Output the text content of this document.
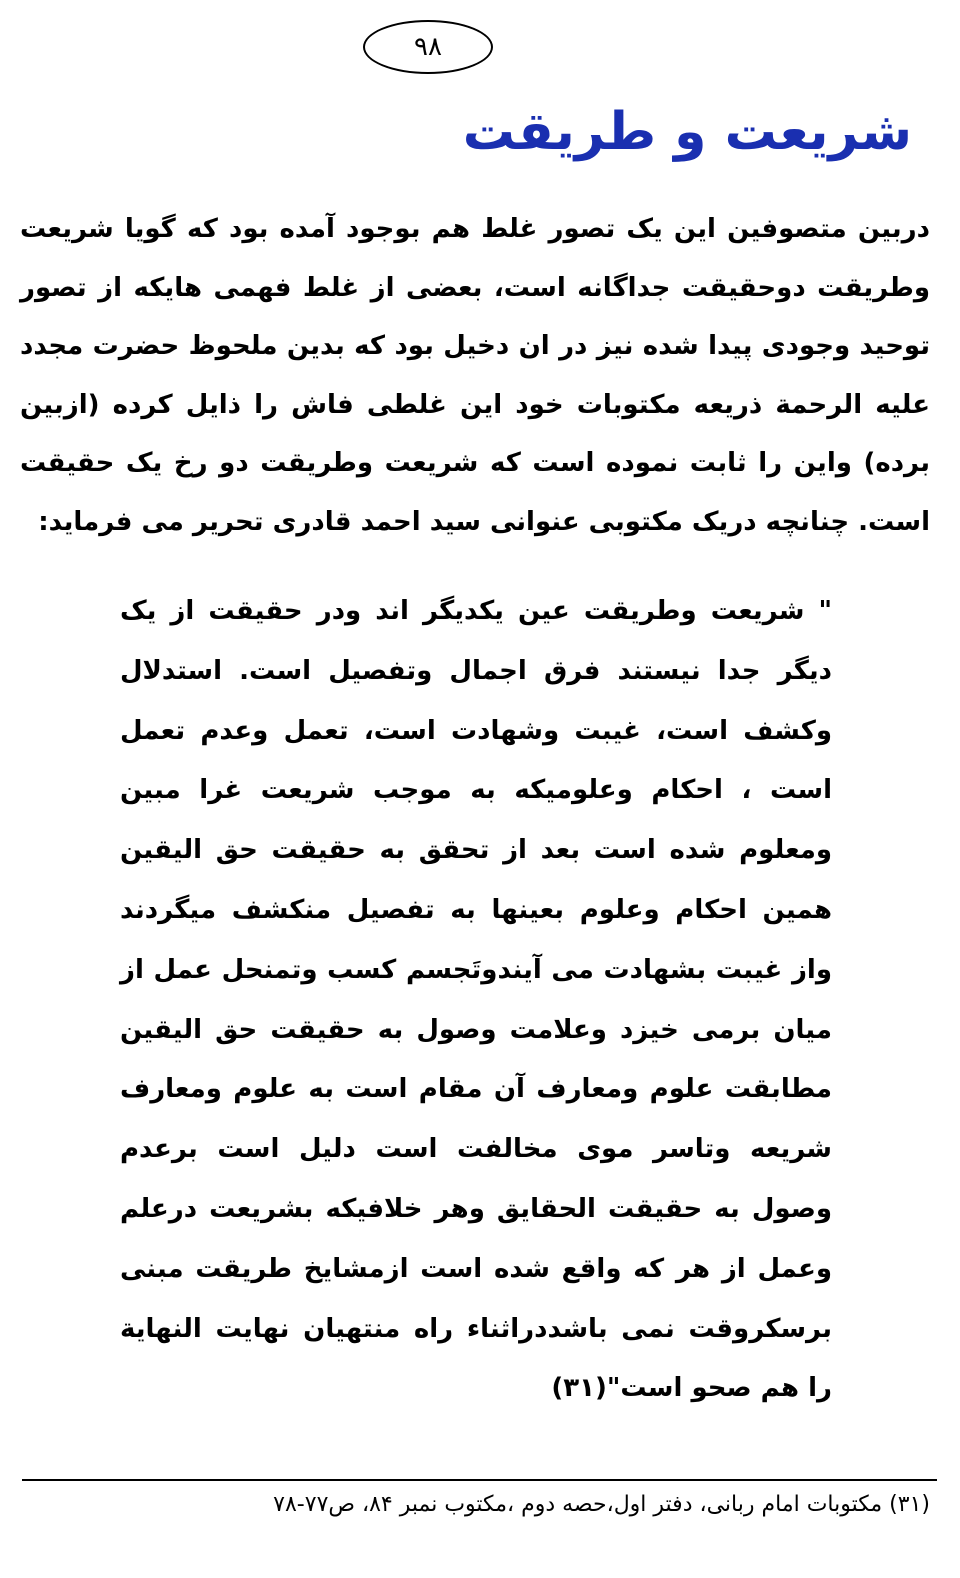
۹۸
شریعت و طریقت

دربین متصوفین این یک تصور غلط هم بوجود آمده بود که گویا شریعت وطریقت دوحقیقت جداگانه است، بعضی از غلط فهمی هایکه از تصور توحید وجودی پیدا شده نیز در ان دخیل بود که بدین ملحوظ حضرت مجدد علیه الرحمة ذریعه مکتوبات خود این غلطی فاش را ذایل کرده (ازبین برده) واین را ثابت نموده است که شریعت وطریقت دو رخ یک حقیقت است. چنانچه دریک مکتوبی عنوانی سید احمد قادری تحریر می فرماید:

" شریعت وطریقت عین یکدیگر اند ودر حقیقت از یک دیگر جدا نیستند فرق اجمال وتفصیل است. استدلال وکشف است، غیبت وشهادت است، تعمل وعدم تعمل است ، احکام وعلومیکه به موجب شریعت غرا مبین ومعلوم شده است بعد از تحقق به حقیقت حق الیقین همین احکام وعلوم بعینها به تفصیل منکشف میگردند واز غیبت بشهادت می آیندوتَجسم کسب وتمنحل عمل از میان برمی خیزد وعلامت وصول به حقیقت حق الیقین مطابقت علوم ومعارف آن مقام است به علوم ومعارف شریعه وتاسر موی مخالفت است دلیل است برعدم وصول به حقیقت الحقایق وهر خلافیکه بشریعت درعلم وعمل از هر که واقع شده است ازمشایخ طریقت مبنی برسکروقت نمی باشددراثناء راه منتهیان نهایت النهایة را هم صحو است"(۳۱)

(۳۱) مکتوبات امام ربانی، دفتر اول،حصه دوم ،مکتوب نمبر ۸۴، ص۷۷-۷۸
